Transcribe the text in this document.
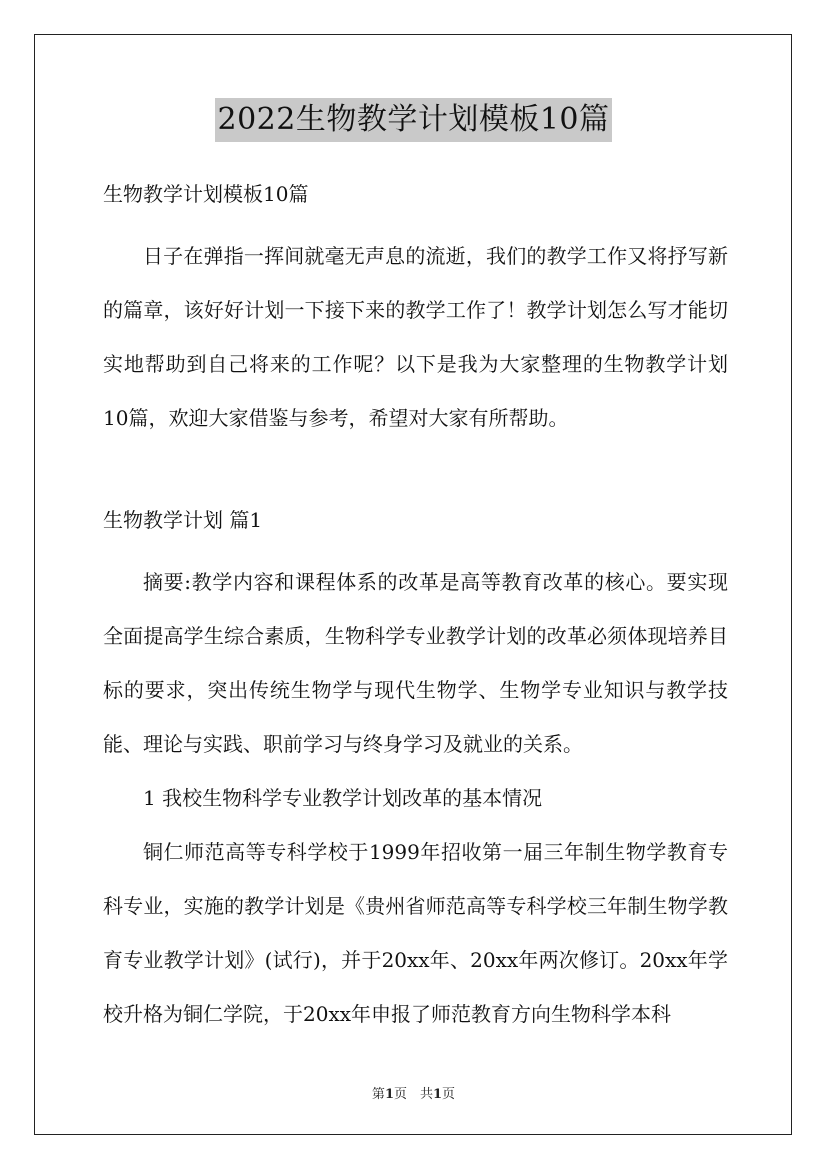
2022生物教学计划模板10篇
生物教学计划模板10篇

日子在弹指一挥间就毫无声息的流逝，我们的教学工作又将抒写新的篇章，该好好计划一下接下来的教学工作了！教学计划怎么写才能切实地帮助到自己将来的工作呢？以下是我为大家整理的生物教学计划10篇，欢迎大家借鉴与参考，希望对大家有所帮助。

生物教学计划 篇1

摘要:教学内容和课程体系的改革是高等教育改革的核心。要实现全面提高学生综合素质，生物科学专业教学计划的改革必须体现培养目标的要求，突出传统生物学与现代生物学、生物学专业知识与教学技能、理论与实践、职前学习与终身学习及就业的关系。

1 我校生物科学专业教学计划改革的基本情况

铜仁师范高等专科学校于1999年招收第一届三年制生物学教育专科专业，实施的教学计划是《贵州省师范高等专科学校三年制生物学教育专业教学计划》(试行)，并于20xx年、20xx年两次修订。20xx年学校升格为铜仁学院，于20xx年申报了师范教育方向生物科学本科

第1页　共1页
